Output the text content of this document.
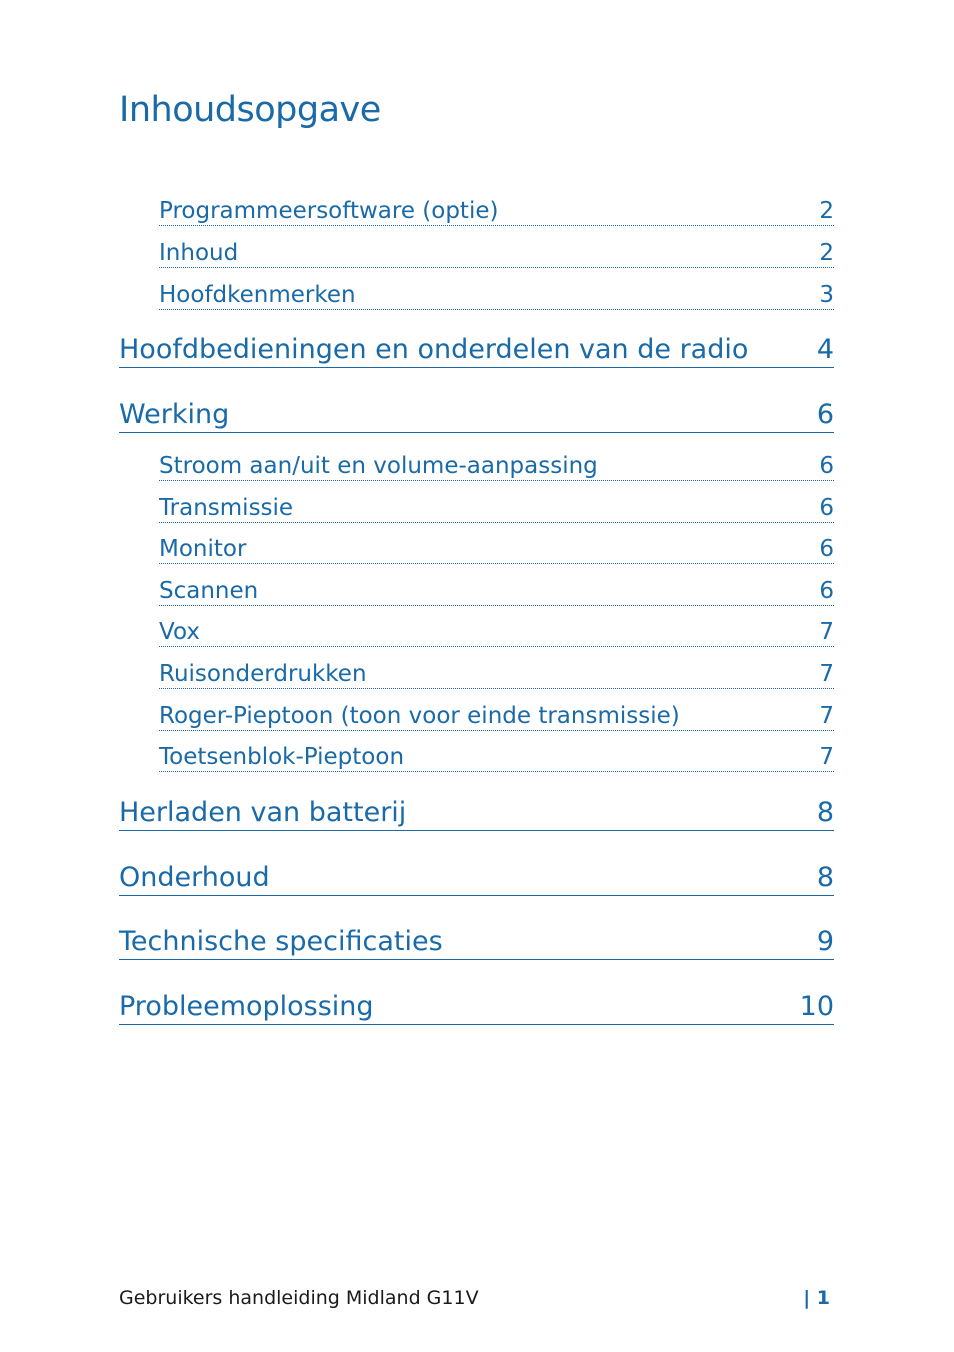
Inhoudsopgave
Programmeersoftware (optie)	2
Inhoud	2
Hoofdkenmerken	3
Hoofdbedieningen en onderdelen van de radio	4
Werking	6
Stroom aan/uit en volume-aanpassing	6
Transmissie	6
Monitor	6
Scannen	6
Vox	7
Ruisonderdrukken	7
Roger-Pieptoon (toon voor einde transmissie)	7
Toetsenblok-Pieptoon	7
Herladen van batterij	8
Onderhoud	8
Technische specificaties	9
Probleemoplossing	10
Gebruikers handleiding Midland G11V	| 1
